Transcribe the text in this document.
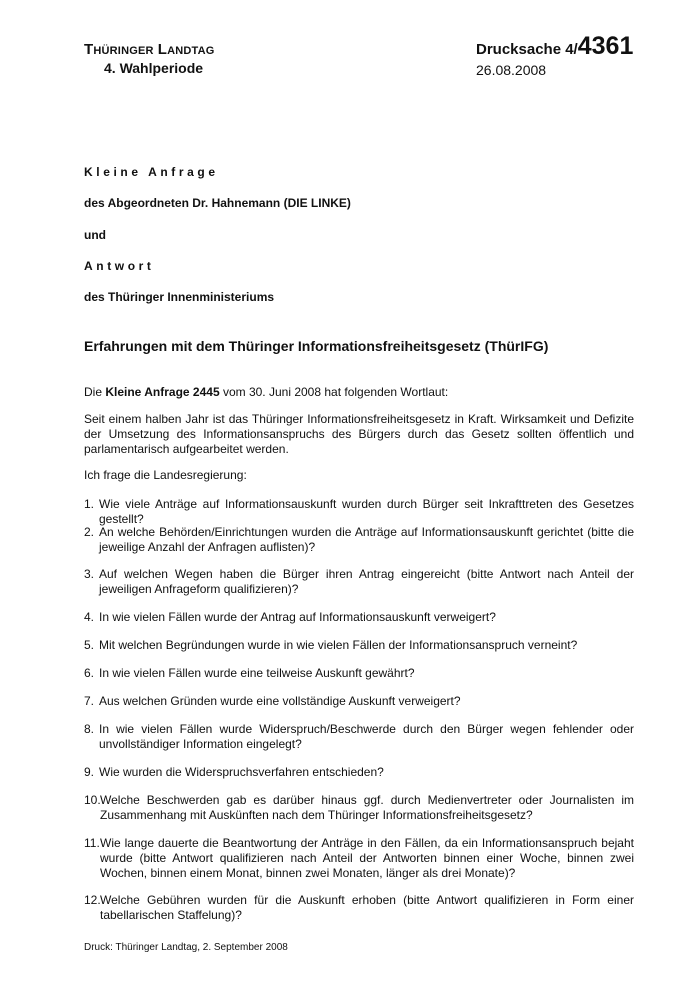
THÜRINGER LANDTAG
4. Wahlperiode
Drucksache 4/4361
26.08.2008
Kleine Anfrage
des Abgeordneten Dr. Hahnemann (DIE LINKE)
und
Antwort
des Thüringer Innenministeriums
Erfahrungen mit dem Thüringer Informationsfreiheitsgesetz (ThürIFG)
Die Kleine Anfrage 2445 vom 30. Juni 2008 hat folgenden Wortlaut:
Seit einem halben Jahr ist das Thüringer Informationsfreiheitsgesetz in Kraft. Wirksamkeit und Defizite der Umsetzung des Informationsanspruchs des Bürgers durch das Gesetz sollten öffentlich und parlamentarisch aufgearbeitet werden.
Ich frage die Landesregierung:
1. Wie viele Anträge auf Informationsauskunft wurden durch Bürger seit Inkrafttreten des Gesetzes gestellt?
2. An welche Behörden/Einrichtungen wurden die Anträge auf Informationsauskunft gerichtet (bitte die jeweilige Anzahl der Anfragen auflisten)?
3. Auf welchen Wegen haben die Bürger ihren Antrag eingereicht (bitte Antwort nach Anteil der jeweiligen Anfrageform qualifizieren)?
4. In wie vielen Fällen wurde der Antrag auf Informationsauskunft verweigert?
5. Mit welchen Begründungen wurde in wie vielen Fällen der Informationsanspruch verneint?
6. In wie vielen Fällen wurde eine teilweise Auskunft gewährt?
7. Aus welchen Gründen wurde eine vollständige Auskunft verweigert?
8. In wie vielen Fällen wurde Widerspruch/Beschwerde durch den Bürger wegen fehlender oder unvollständiger Information eingelegt?
9. Wie wurden die Widerspruchsverfahren entschieden?
10. Welche Beschwerden gab es darüber hinaus ggf. durch Medienvertreter oder Journalisten im Zusammenhang mit Auskünften nach dem Thüringer Informationsfreiheitsgesetz?
11. Wie lange dauerte die Beantwortung der Anträge in den Fällen, da ein Informationsanspruch bejaht wurde (bitte Antwort qualifizieren nach Anteil der Antworten binnen einer Woche, binnen zwei Wochen, binnen einem Monat, binnen zwei Monaten, länger als drei Monate)?
12. Welche Gebühren wurden für die Auskunft erhoben (bitte Antwort qualifizieren in Form einer tabellarischen Staffelung)?
Druck: Thüringer Landtag, 2. September 2008
